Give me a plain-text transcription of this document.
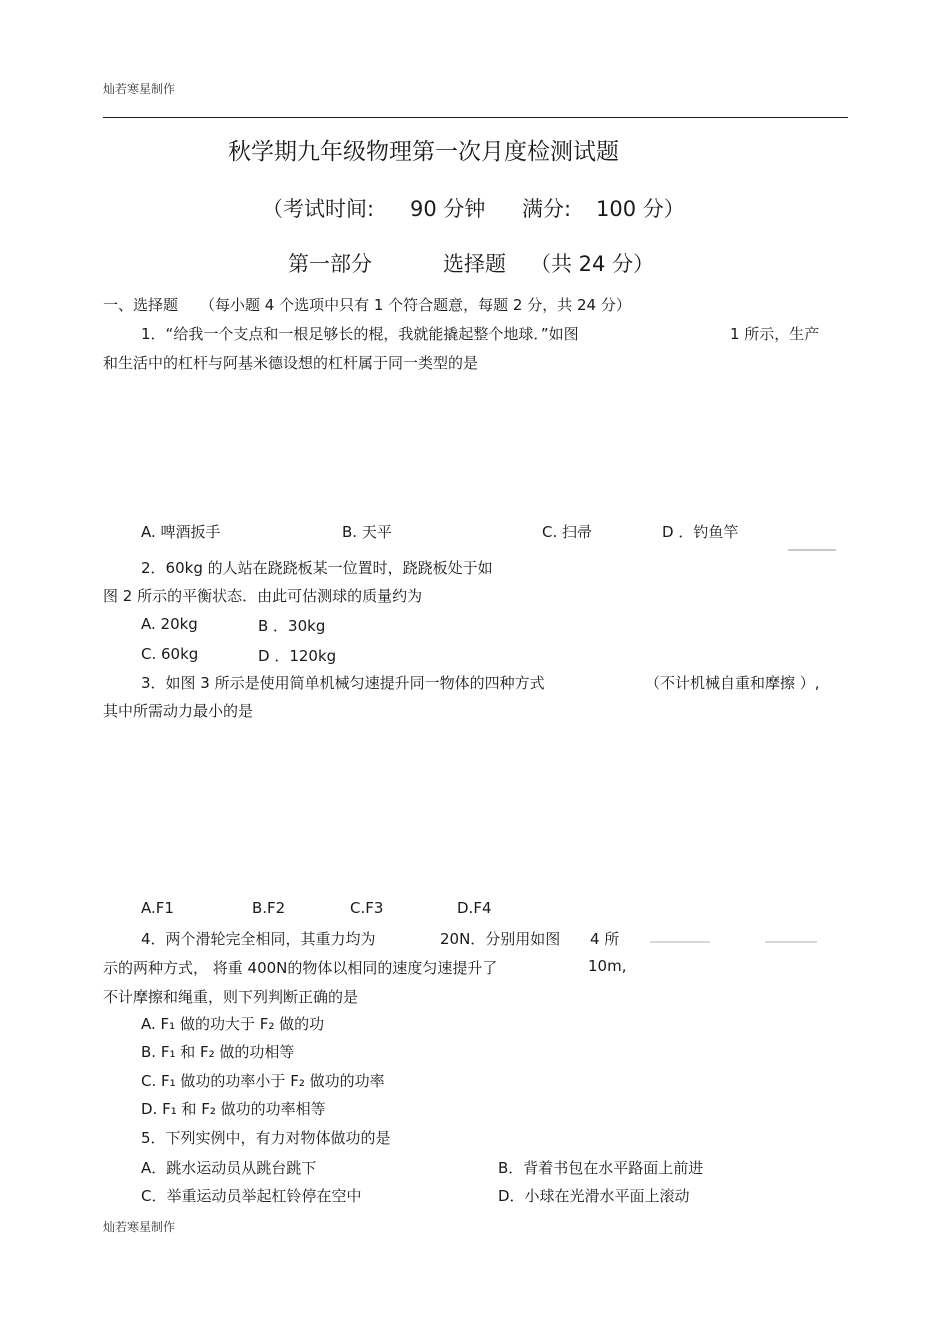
灿若寒星制作
秋学期九年级物理第一次月度检测试题
（考试时间: 90 分钟 满分: 100 分）
第一部分	选择题 （共 24 分）
一、选择题 （每小题 4 个选项中只有 1 个符合题意，每题 2 分，共 24 分）
1．“给我一个支点和一根足够长的棍，我就能撬起整个地球．”如图	1 所示，生产
和生活中的杠杆与阿基米德设想的杠杆属于同一类型的是
A. 啤酒扳手	B. 天平	C. 扫帚	D ．钓鱼竿
2．60kg 的人站在跷跷板某一位置时，跷跷板处于如
图 2 所示的平衡状态．由此可估测球的质量约为
A. 20kg	B ．30kg
C. 60kg	D ．120kg
3．如图 3 所示是使用简单机械匀速提升同一物体的四种方式	（不计机械自重和摩擦 ）,
其中所需动力最小的是
A.F1	B.F2	C.F3	D.F4
4．两个滑轮完全相同，其重力均为	20N．分别用如图 4 所
示的两种方式， 将重 400N的物体以相同的速度匀速提升了	10m,
不计摩擦和绳重，则下列判断正确的是
A. F₁ 做的功大于 F₂ 做的功
B. F₁ 和 F₂ 做的功相等
C. F₁ 做功的功率小于 F₂ 做功的功率
D. F₁ 和 F₂ 做功的功率相等
5．下列实例中，有力对物体做功的是
A．跳水运动员从跳台跳下	B．背着书包在水平路面上前进
C．举重运动员举起杠铃停在空中	D．小球在光滑水平面上滚动
灿若寒星制作
